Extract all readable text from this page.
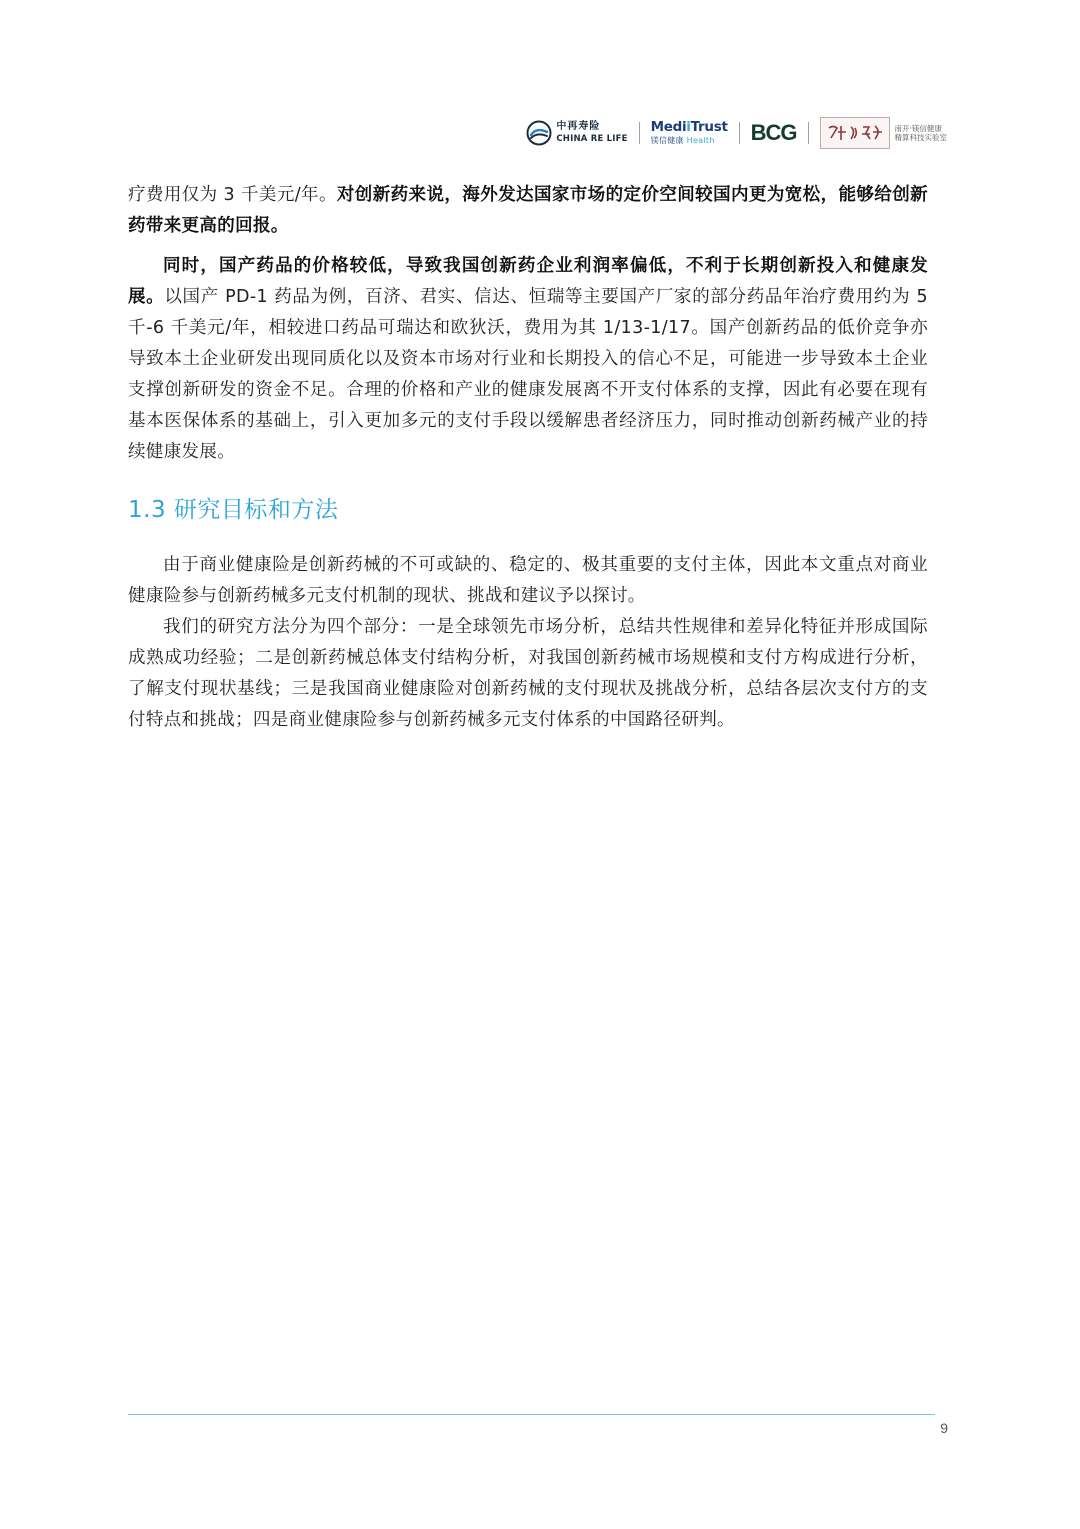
中再寿险
CHINA RE LIFE
MediiTrust
镁信健康 Health	BCG	南开·镁信健康
精算科技实验室

疗费用仅为 3 千美元/年。对创新药来说，海外发达国家市场的定价空间较国内更为宽松，能够给创新药带来更高的回报。

同时，国产药品的价格较低，导致我国创新药企业利润率偏低，不利于长期创新投入和健康发展。以国产 PD-1 药品为例，百济、君实、信达、恒瑞等主要国产厂家的部分药品年治疗费用约为 5 千-6 千美元/年，相较进口药品可瑞达和欧狄沃，费用为其 1/13-1/17。国产创新药品的低价竞争亦导致本土企业研发出现同质化以及资本市场对行业和长期投入的信心不足，可能进一步导致本土企业支撑创新研发的资金不足。合理的价格和产业的健康发展离不开支付体系的支撑，因此有必要在现有基本医保体系的基础上，引入更加多元的支付手段以缓解患者经济压力，同时推动创新药械产业的持续健康发展。

1.3 研究目标和方法

由于商业健康险是创新药械的不可或缺的、稳定的、极其重要的支付主体，因此本文重点对商业健康险参与创新药械多元支付机制的现状、挑战和建议予以探讨。

我们的研究方法分为四个部分：一是全球领先市场分析，总结共性规律和差异化特征并形成国际成熟成功经验；二是创新药械总体支付结构分析，对我国创新药械市场规模和支付方构成进行分析，了解支付现状基线；三是我国商业健康险对创新药械的支付现状及挑战分析，总结各层次支付方的支付特点和挑战；四是商业健康险参与创新药械多元支付体系的中国路径研判。

9
